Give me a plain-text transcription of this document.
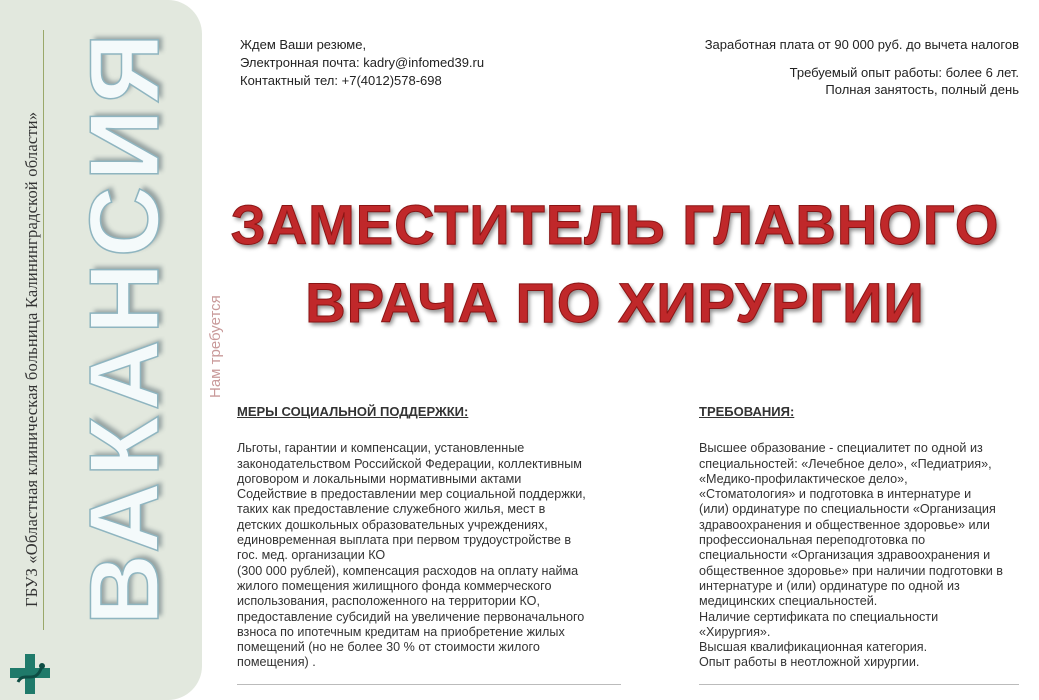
ГБУЗ «Областная клиническая больница Калининградской области» ВАКАНСИЯ Нам требуется
Ждем Ваши резюме,
Электронная почта: kadry@infomed39.ru
Контактный тел: +7(4012)578-698
Заработная плата от 90 000 руб. до вычета налогов
Требуемый опыт работы: более 6 лет.
Полная занятость, полный день
ЗАМЕСТИТЕЛЬ ГЛАВНОГО
ВРАЧА ПО ХИРУРГИИ
МЕРЫ СОЦИАЛЬНОЙ ПОДДЕРЖКИ:
Льготы, гарантии и компенсации, установленные
законодательством Российской Федерации, коллективным
договором и локальными нормативными актами
Содействие в предоставлении мер социальной поддержки,
таких как предоставление служебного жилья, мест в
детских дошкольных образовательных учреждениях,
единовременная выплата при первом трудоустройстве в
гос. мед. организации КО
(300 000 рублей), компенсация расходов на оплату найма
жилого помещения жилищного фонда коммерческого
использования, расположенного на территории КО,
предоставление субсидий на увеличение первоначального
взноса по ипотечным кредитам на приобретение жилых
помещений (но не более 30 % от стоимости жилого
помещения) .
ТРЕБОВАНИЯ:
Высшее образование - специалитет по одной из
специальностей: «Лечебное дело», «Педиатрия»,
«Медико-профилактическое дело»,
«Стоматология» и подготовка в интернатуре и
(или) ординатуре по специальности «Организация
здравоохранения и общественное здоровье» или
профессиональная переподготовка по
специальности «Организация здравоохранения и
общественное здоровье» при наличии подготовки в
интернатуре и (или) ординатуре по одной из
медицинских специальностей.
Наличие сертификата по специальности
«Хирургия».
Высшая квалификационная категория.
Опыт работы в неотложной хирургии.
